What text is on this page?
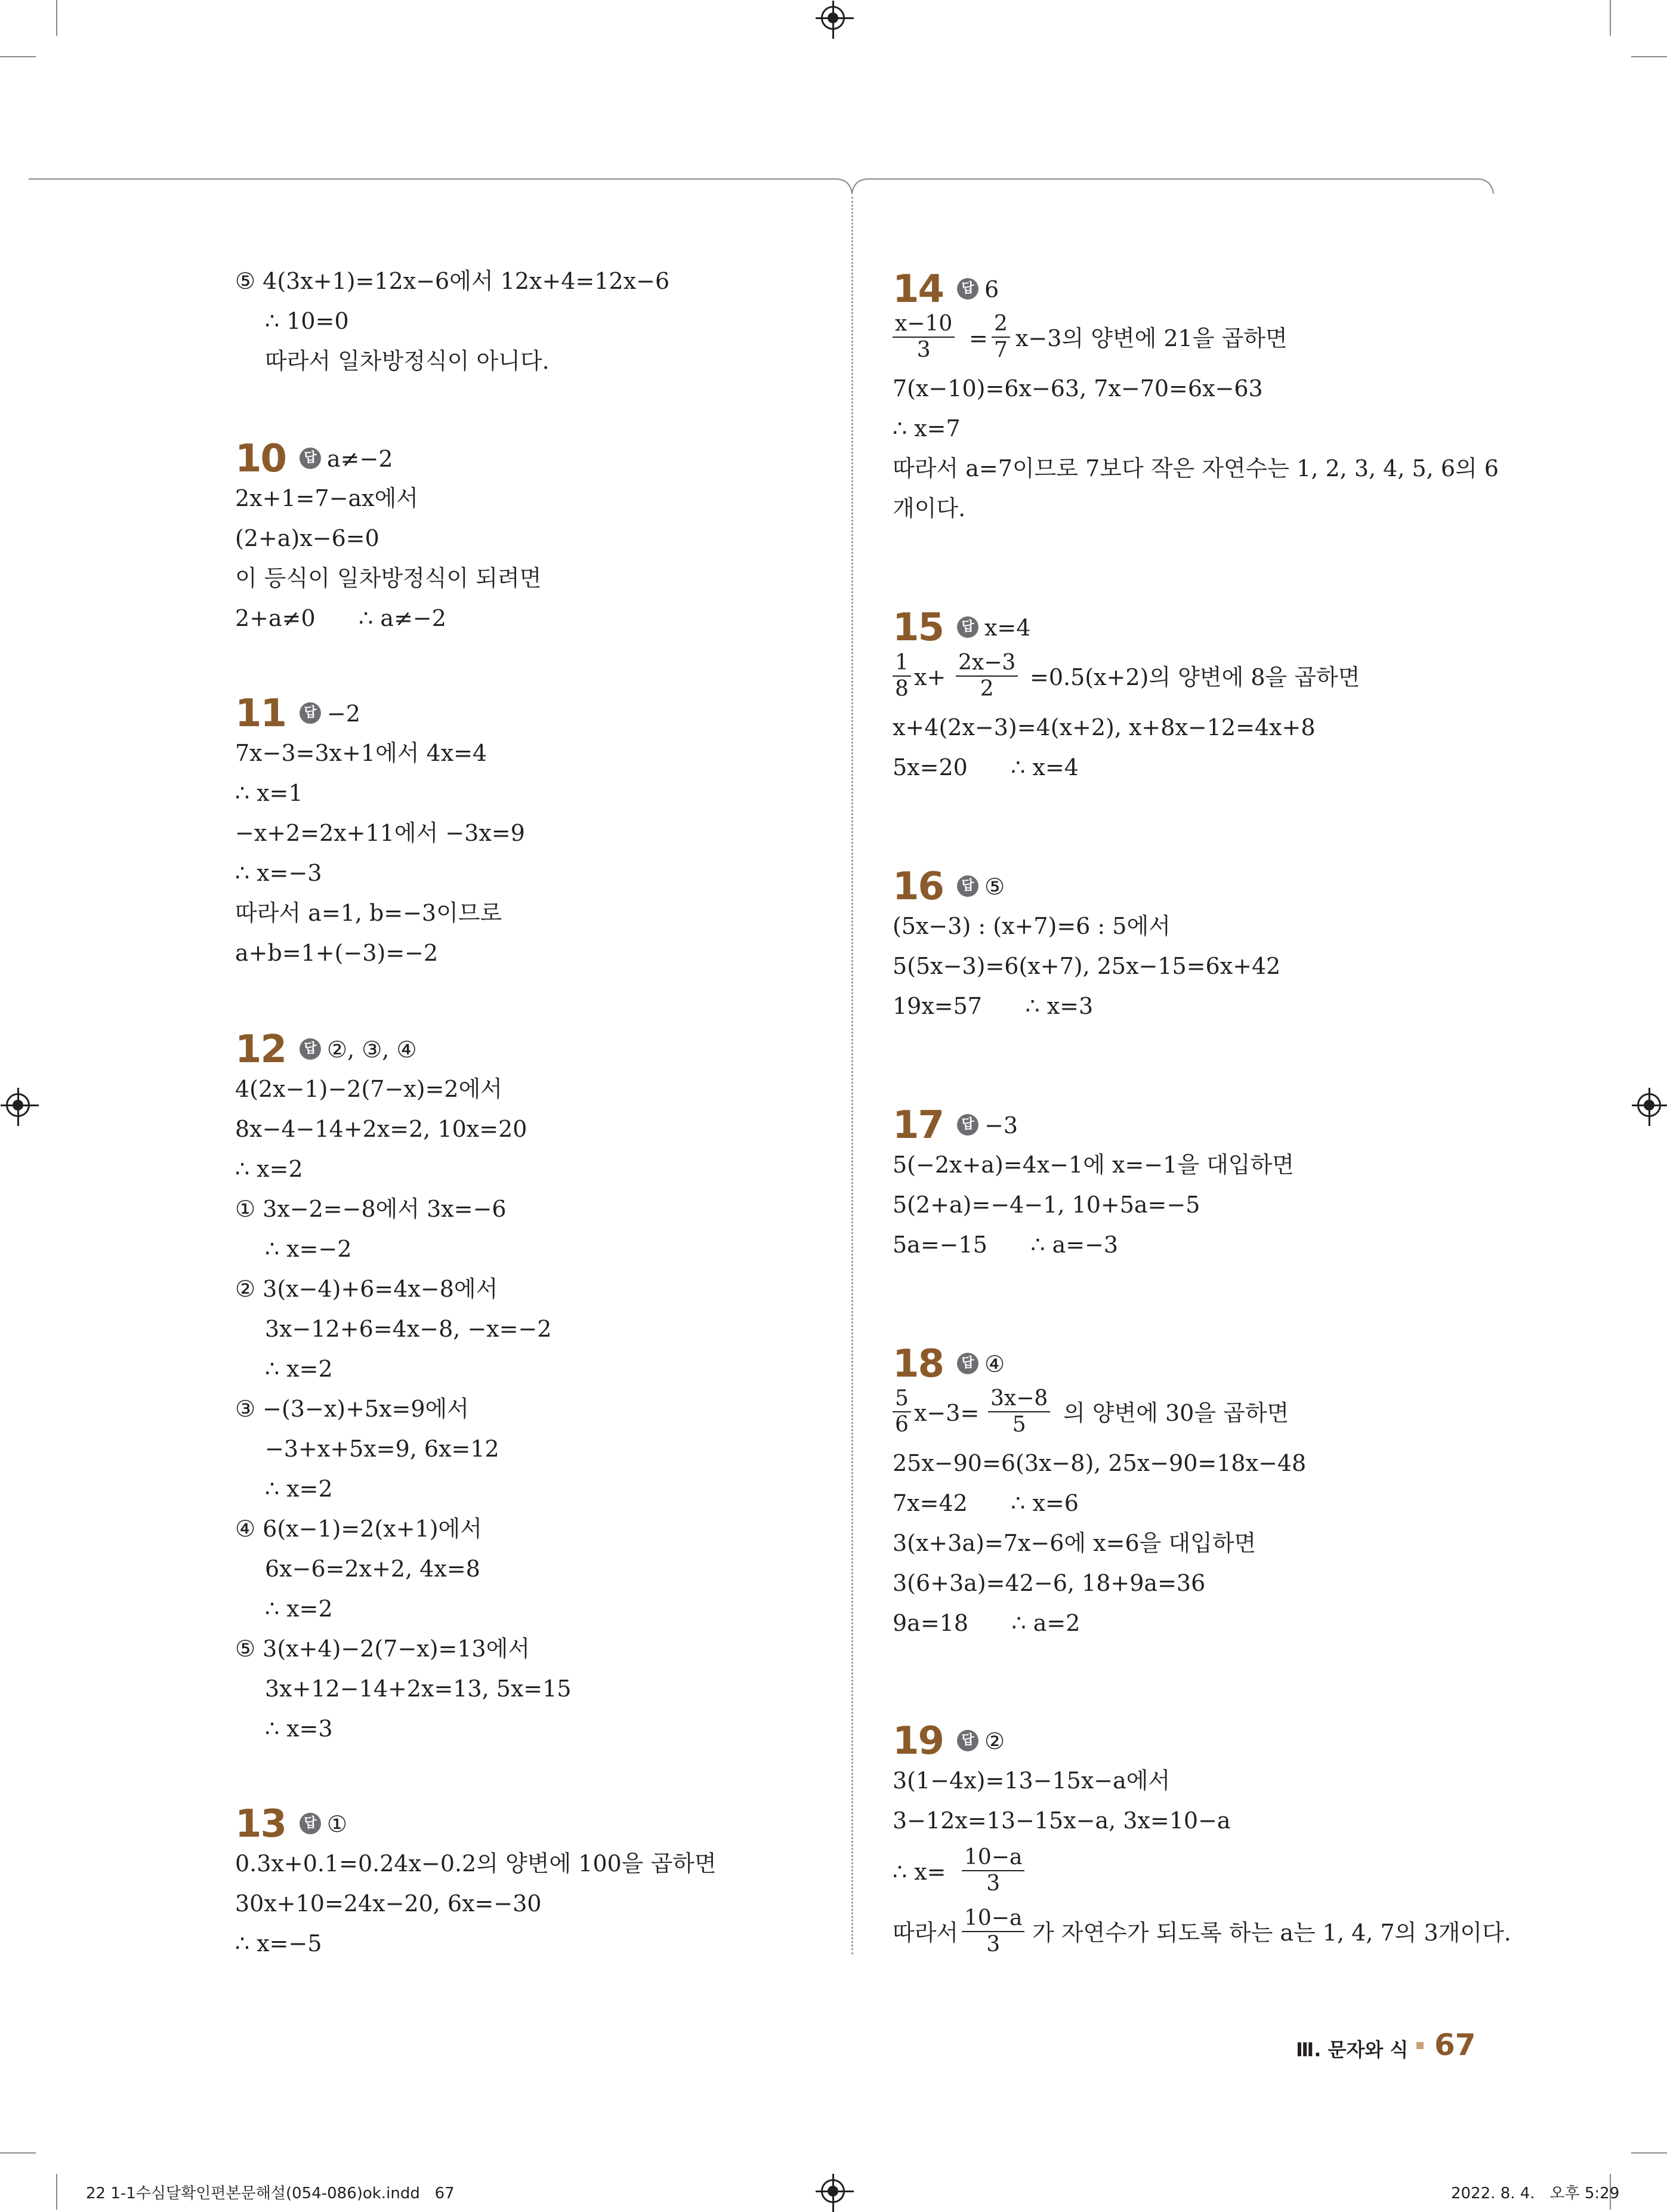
⑤ 4(3x+1)=12x−6에서 12x+4=12x−6
∴ 10=0
따라서 일차방정식이 아니다.
10	답 a≠−2
2x+1=7−ax에서
(2+a)x−6=0
이 등식이 일차방정식이 되려면
2+a≠0      ∴ a≠−2
11	답 −2
7x−3=3x+1에서 4x=4
∴ x=1
−x+2=2x+11에서 −3x=9
∴ x=−3
따라서 a=1, b=−3이므로
a+b=1+(−3)=−2
12	답 ②, ③, ④
4(2x−1)−2(7−x)=2에서
8x−4−14+2x=2, 10x=20
∴ x=2
① 3x−2=−8에서 3x=−6
∴ x=−2
② 3(x−4)+6=4x−8에서
3x−12+6=4x−8, −x=−2
∴ x=2
③ −(3−x)+5x=9에서
−3+x+5x=9, 6x=12
∴ x=2
④ 6(x−1)=2(x+1)에서
6x−6=2x+2, 4x=8
∴ x=2
⑤ 3(x+4)−2(7−x)=13에서
3x+12−14+2x=13, 5x=15
∴ x=3
13	답 ①
0.3x+0.1=0.24x−0.2의 양변에 100을 곱하면
30x+10=24x−20, 6x=−30
∴ x=−5
14	답 6
$\frac{x-10}{3} = \frac{2}{7} x-3$의 양변에 21을 곱하면
7(x−10)=6x−63, 7x−70=6x−63
∴ x=7
따라서 a=7이므로 7보다 작은 자연수는 1, 2, 3, 4, 5, 6의 6
개이다.
15	답 x=4
$\frac{1}{8} x+ \frac{2x-3}{2} =0.5(x+2)$의 양변에 8을 곱하면
x+4(2x−3)=4(x+2), x+8x−12=4x+8
5x=20      ∴ x=4
16	답 ⑤
(5x−3) : (x+7)=6 : 5에서
5(5x−3)=6(x+7), 25x−15=6x+42
19x=57      ∴ x=3
17	답 −3
5(−2x+a)=4x−1에 x=−1을 대입하면
5(2+a)=−4−1, 10+5a=−5
5a=−15      ∴ a=−3
18	답 ④
$\frac{5}{6} x-3= \frac{3x-8}{5}$ 의 양변에 30을 곱하면
25x−90=6(3x−8), 25x−90=18x−48
7x=42      ∴ x=6
3(x+3a)=7x−6에 x=6을 대입하면
3(6+3a)=42−6, 18+9a=36
9a=18      ∴ a=2
19	답 ②
3(1−4x)=13−15x−a에서
3−12x=13−15x−a, 3x=10−a
∴ $x= \frac{10-a}{3}$
따라서
$\frac{10-a}{3}$ 가 자연수가 되도록 하는 a는 1, 4, 7의 3개이다.
Ⅲ. 문자와 식 67
22 1-1수심달확인편본문해설(054-086)ok.indd   67	2022. 8. 4.   오후 5:29
